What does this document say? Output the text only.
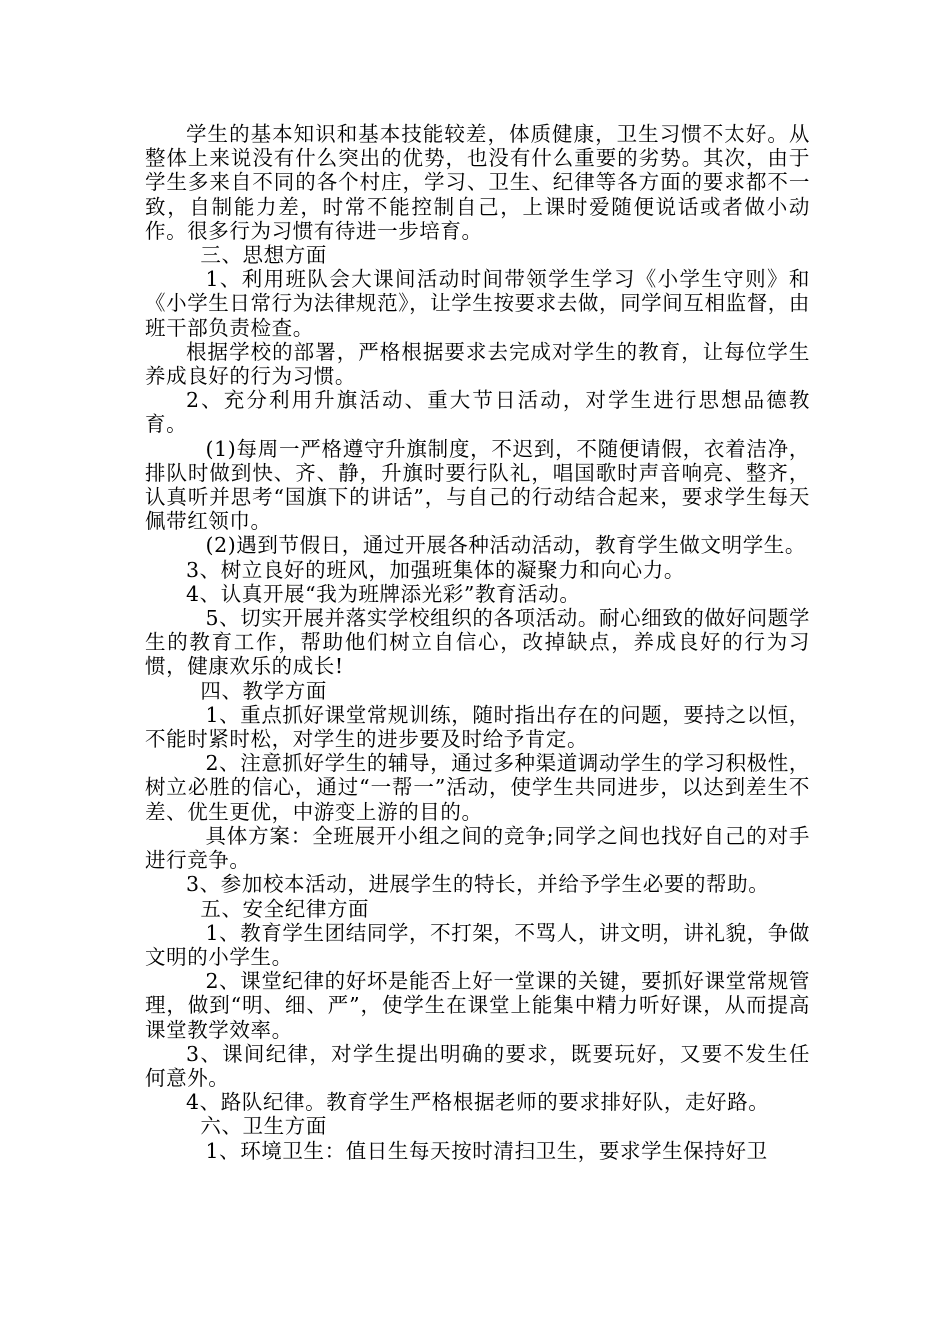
学生的基本知识和基本技能较差，体质健康，卫生习惯不太好。从整体上来说没有什么突出的优势，也没有什么重要的劣势。其次，由于学生多来自不同的各个村庄，学习、卫生、纪律等各方面的要求都不一致，自制能力差，时常不能控制自己，上课时爱随便说话或者做小动作。很多行为习惯有待进一步培育。

三、思想方面

1、利用班队会大课间活动时间带领学生学习《小学生守则》和《小学生日常行为法律规范》，让学生按要求去做，同学间互相监督，由班干部负责检查。

根据学校的部署，严格根据要求去完成对学生的教育，让每位学生养成良好的行为习惯。

2、充分利用升旗活动、重大节日活动，对学生进行思想品德教育。

(1)每周一严格遵守升旗制度，不迟到，不随便请假，衣着洁净，排队时做到快、齐、静，升旗时要行队礼，唱国歌时声音响亮、整齐，认真听并思考“国旗下的讲话”，与自己的行动结合起来，要求学生每天佩带红领巾。

(2)遇到节假日，通过开展各种活动活动，教育学生做文明学生。

3、树立良好的班风，加强班集体的凝聚力和向心力。

4、认真开展“我为班牌添光彩”教育活动。

5、切实开展并落实学校组织的各项活动。耐心细致的做好问题学生的教育工作，帮助他们树立自信心，改掉缺点，养成良好的行为习惯，健康欢乐的成长!

四、教学方面

1、重点抓好课堂常规训练，随时指出存在的问题，要持之以恒，不能时紧时松，对学生的进步要及时给予肯定。

2、注意抓好学生的辅导，通过多种渠道调动学生的学习积极性，树立必胜的信心，通过“一帮一”活动，使学生共同进步，以达到差生不差、优生更优，中游变上游的目的。

具体方案：全班展开小组之间的竞争;同学之间也找好自己的对手进行竞争。

3、参加校本活动，进展学生的特长，并给予学生必要的帮助。

五、安全纪律方面

1、教育学生团结同学，不打架，不骂人，讲文明，讲礼貌，争做文明的小学生。

2、课堂纪律的好坏是能否上好一堂课的关键，要抓好课堂常规管理，做到“明、细、严”，使学生在课堂上能集中精力听好课，从而提高课堂教学效率。

3、课间纪律，对学生提出明确的要求，既要玩好，又要不发生任何意外。

4、路队纪律。教育学生严格根据老师的要求排好队，走好路。

六、卫生方面

1、环境卫生：值日生每天按时清扫卫生，要求学生保持好卫
